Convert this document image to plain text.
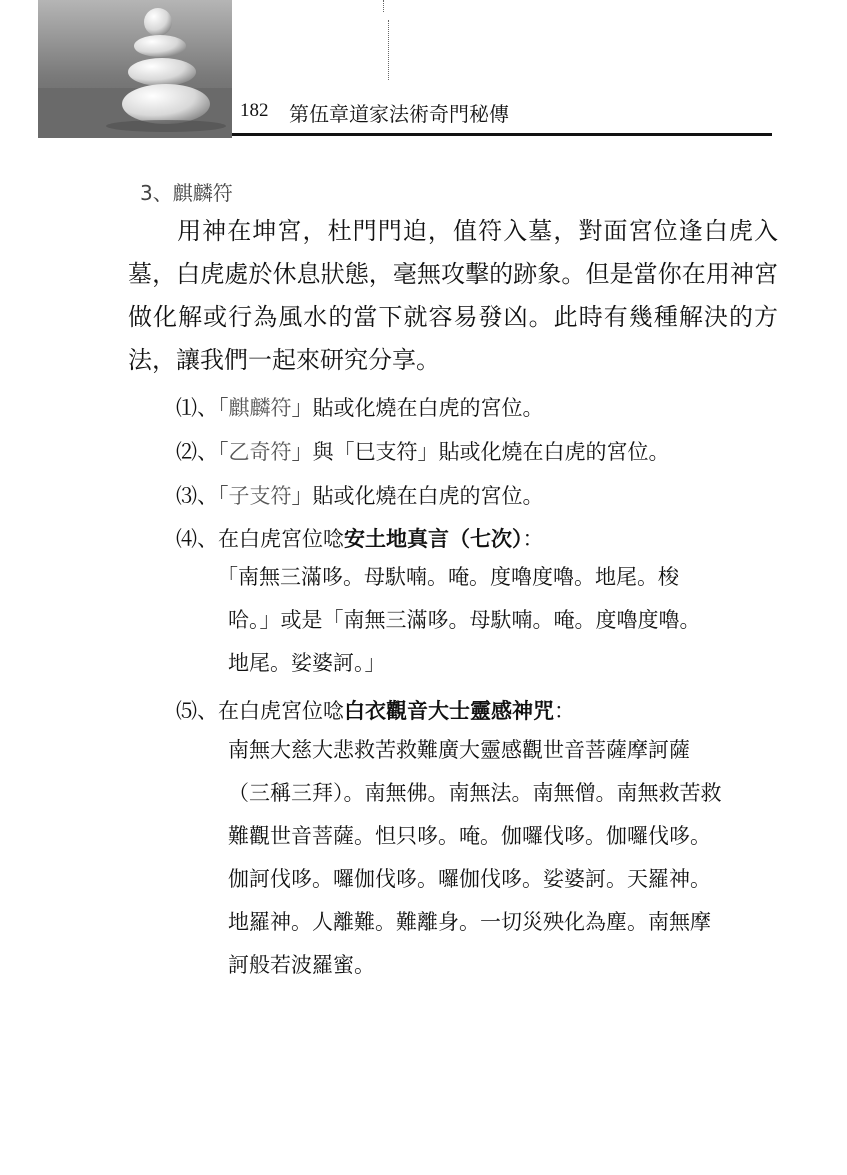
182 第伍章道家法術奇門秘傳
3、麒麟符
用神在坤宮，杜門門迫，值符入墓，對面宮位逢白虎入墓，白虎處於休息狀態，毫無攻擊的跡象。但是當你在用神宮做化解或行為風水的當下就容易發凶。此時有幾種解決的方法，讓我們一起來研究分享。
⑴、「麒麟符」貼或化燒在白虎的宮位。
⑵、「乙奇符」與「巳支符」貼或化燒在白虎的宮位。
⑶、「子支符」貼或化燒在白虎的宮位。
⑷、在白虎宮位唸安土地真言（七次）：
「南無三滿哆。母馱喃。唵。度嚕度嚕。地尾。梭
哈。」或是「南無三滿哆。母馱喃。唵。度嚕度嚕。
地尾。娑婆訶。」
⑸、在白虎宮位唸白衣觀音大士靈感神咒：
南無大慈大悲救苦救難廣大靈感觀世音菩薩摩訶薩
（三稱三拜）。南無佛。南無法。南無僧。南無救苦救
難觀世音菩薩。怛只哆。唵。伽囉伐哆。伽囉伐哆。
伽訶伐哆。囉伽伐哆。囉伽伐哆。娑婆訶。天羅神。
地羅神。人離難。難離身。一切災殃化為塵。南無摩
訶般若波羅蜜。
